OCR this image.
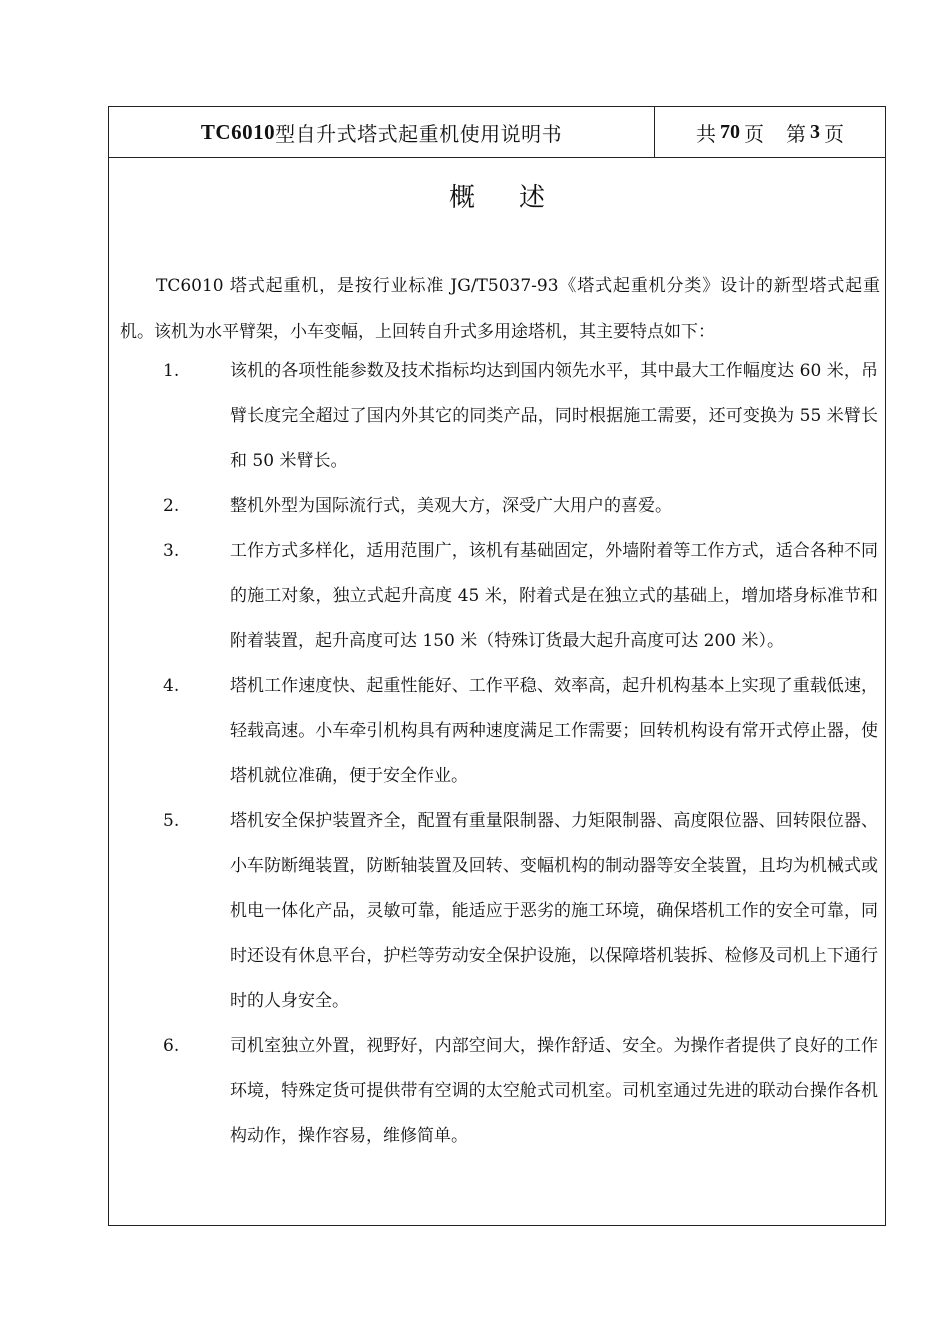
TC6010 型自升式塔式起重机使用说明书	共 70 页 第 3 页
概述

TC6010 塔式起重机，是按行业标准 JG/T5037-93《塔式起重机分类》设计的新型塔式起重机。该机为水平臂架，小车变幅，上回转自升式多用途塔机，其主要特点如下：

1.	该机的各项性能参数及技术指标均达到国内领先水平，其中最大工作幅度达 60 米，吊臂长度完全超过了国内外其它的同类产品，同时根据施工需要，还可变换为 55 米臂长和 50 米臂长。
2.	整机外型为国际流行式，美观大方，深受广大用户的喜爱。
3.	工作方式多样化，适用范围广，该机有基础固定，外墙附着等工作方式，适合各种不同的施工对象，独立式起升高度 45 米，附着式是在独立式的基础上，增加塔身标准节和附着装置，起升高度可达 150 米（特殊订货最大起升高度可达 200 米）。
4.	塔机工作速度快、起重性能好、工作平稳、效率高，起升机构基本上实现了重载低速，轻载高速。小车牵引机构具有两种速度满足工作需要；回转机构设有常开式停止器，使塔机就位准确，便于安全作业。
5.	塔机安全保护装置齐全，配置有重量限制器、力矩限制器、高度限位器、回转限位器、小车防断绳装置，防断轴装置及回转、变幅机构的制动器等安全装置，且均为机械式或机电一体化产品，灵敏可靠，能适应于恶劣的施工环境，确保塔机工作的安全可靠，同时还设有休息平台，护栏等劳动安全保护设施，以保障塔机装拆、检修及司机上下通行时的人身安全。
6.	司机室独立外置，视野好，内部空间大，操作舒适、安全。为操作者提供了良好的工作环境，特殊定货可提供带有空调的太空舱式司机室。司机室通过先进的联动台操作各机构动作，操作容易，维修简单。
